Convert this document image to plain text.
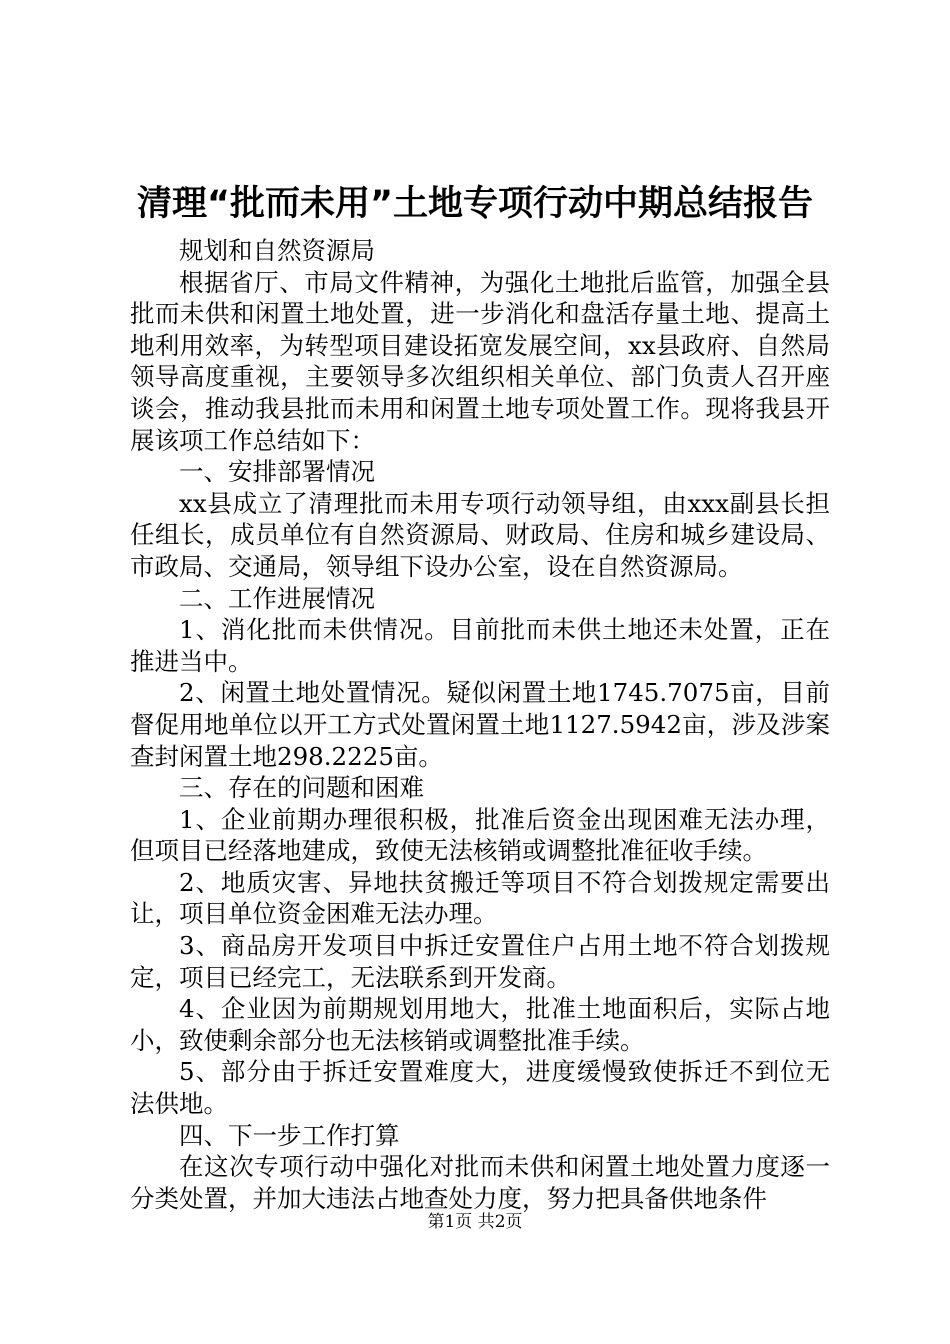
清理“批而未用”土地专项行动中期总结报告

规划和自然资源局

根据省厅、市局文件精神，为强化土地批后监管，加强全县批而未供和闲置土地处置，进一步消化和盘活存量土地、提高土地利用效率，为转型项目建设拓宽发展空间，xx县政府、自然局领导高度重视，主要领导多次组织相关单位、部门负责人召开座谈会，推动我县批而未用和闲置土地专项处置工作。现将我县开展该项工作总结如下：

一、安排部署情况

xx县成立了清理批而未用专项行动领导组，由xxx副县长担任组长，成员单位有自然资源局、财政局、住房和城乡建设局、市政局、交通局，领导组下设办公室，设在自然资源局。

二、工作进展情况

1、消化批而未供情况。目前批而未供土地还未处置，正在推进当中。

2、闲置土地处置情况。疑似闲置土地1745.7075亩，目前督促用地单位以开工方式处置闲置土地1127.5942亩，涉及涉案查封闲置土地298.2225亩。

三、存在的问题和困难

1、企业前期办理很积极，批准后资金出现困难无法办理，但项目已经落地建成，致使无法核销或调整批准征收手续。

2、地质灾害、异地扶贫搬迁等项目不符合划拨规定需要出让，项目单位资金困难无法办理。

3、商品房开发项目中拆迁安置住户占用土地不符合划拨规定，项目已经完工，无法联系到开发商。

4、企业因为前期规划用地大，批准土地面积后，实际占地小，致使剩余部分也无法核销或调整批准手续。

5、部分由于拆迁安置难度大，进度缓慢致使拆迁不到位无法供地。

四、下一步工作打算

在这次专项行动中强化对批而未供和闲置土地处置力度逐一分类处置，并加大违法占地查处力度，努力把具备供地条件

第1页 共2页
